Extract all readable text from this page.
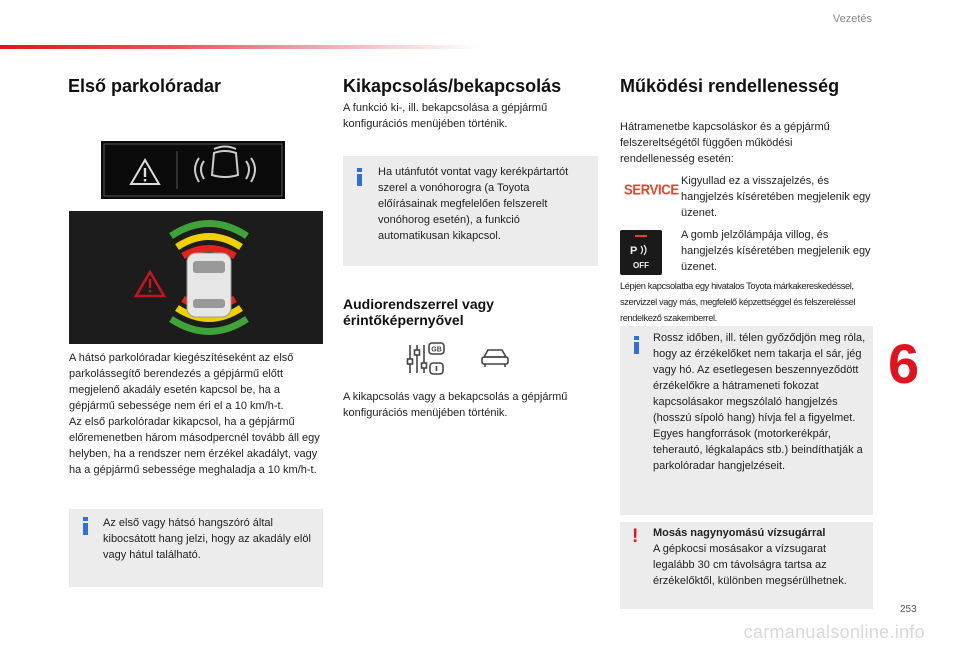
Vezetés
Első parkolóradar

A hátsó parkolóradar kiegészítéseként az első parkolássegítő berendezés a gépjármű előtt megjelenő akadály esetén kapcsol be, ha a gépjármű sebessége nem éri el a 10 km/h-t.
Az első parkolóradar kikapcsol, ha a gépjármű előremenetben három másodpercnél tovább áll egy helyben, ha a rendszer nem érzékel akadályt, vagy ha a gépjármű sebessége meghaladja a 10 km/h-t.

Az első vagy hátsó hangszóró által kibocsátott hang jelzi, hogy az akadály elöl vagy hátul található.

Kikapcsolás/bekapcsolás

A funkció ki-, ill. bekapcsolása a gépjármű konfigurációs menüjében történik.

Ha utánfutót vontat vagy kerékpártartót szerel a vonóhorogra (a Toyota előírásainak megfelelően felszerelt vonóhorog esetén), a funkció automatikusan kikapcsol.

Audiorendszerrel vagy érintőképernyővel
GB

A kikapcsolás vagy a bekapcsolás a gépjármű konfigurációs menüjében történik.

Működési rendellenesség

Hátramenetbe kapcsoláskor és a gépjármű felszereltségétől függően működési rendellenesség esetén:

SERVICE Kigyullad ez a visszajelzés, és hangjelzés kíséretében megjelenik egy üzenet.

P
OFF

A gomb jelzőlámpája villog, és hangjelzés kíséretében megjelenik egy üzenet.

Lépjen kapcsolatba egy hivatalos Toyota márkakereskedéssel, szervizzel vagy más, megfelelő képzettséggel és felszereléssel rendelkező szakemberrel.

Rossz időben, ill. télen győződjön meg róla, hogy az érzékelőket nem takarja el sár, jég vagy hó. Az esetlegesen beszennyeződött érzékelőkre a hátrameneti fokozat kapcsolásakor megszólaló hangjelzés (hosszú sípoló hang) hívja fel a figyelmet.
Egyes hangforrások (motorkerékpár, teherautó, légkalapács stb.) beindíthatják a parkolóradar hangjelzéseit.

! Mosás nagynyomású vízsugárral

A gépkocsi mosásakor a vízsugarat legalább 30 cm távolságra tartsa az érzékelőktől, különben megsérülhetnek.

6
253
carmanualsonline.info
